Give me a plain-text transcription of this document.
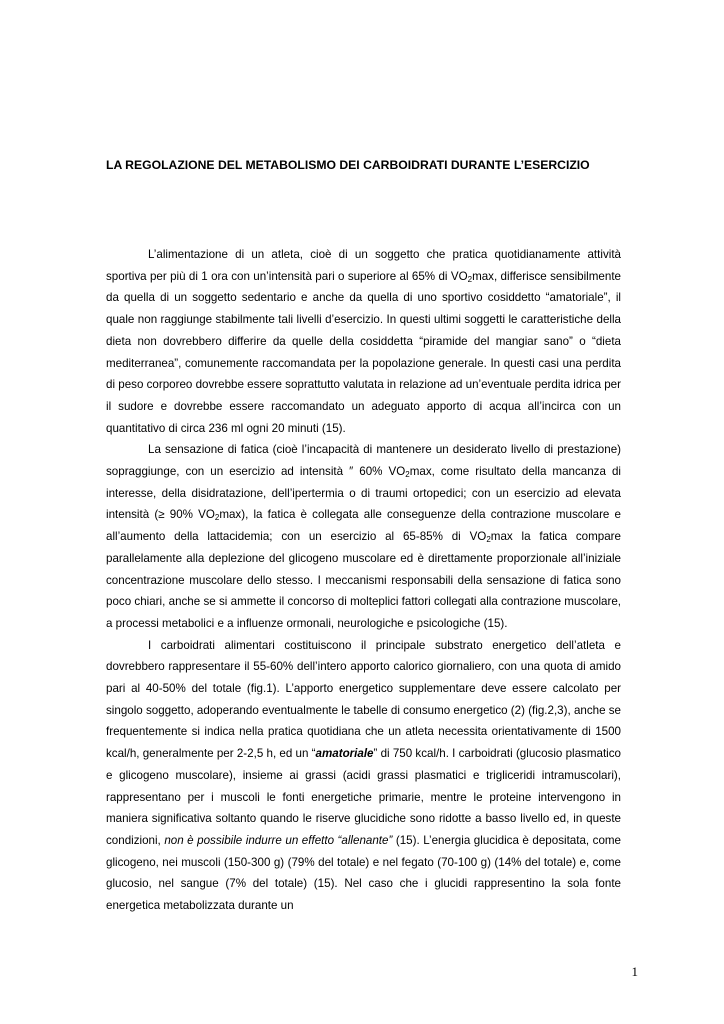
LA REGOLAZIONE DEL METABOLISMO DEI CARBOIDRATI DURANTE L’ESERCIZIO

L’alimentazione di un atleta, cioè di un soggetto che pratica quotidianamente attività sportiva per più di 1 ora con un’intensità pari o superiore al 65% di $VO_2\max$, differisce sensibilmente da quella di un soggetto sedentario e anche da quella di uno sportivo cosiddetto “amatoriale”, il quale non raggiunge stabilmente tali livelli d’esercizio. In questi ultimi soggetti le caratteristiche della dieta non dovrebbero differire da quelle della cosiddetta “piramide del mangiar sano” o “dieta mediterranea”, comunemente raccomandata per la popolazione generale. In questi casi una perdita di peso corporeo dovrebbe essere soprattutto valutata in relazione ad un’eventuale perdita idrica per il sudore e dovrebbe essere raccomandato un adeguato apporto di acqua all’incirca con un quantitativo di circa 236 ml ogni 20 minuti (15).

La sensazione di fatica (cioè l’incapacità di mantenere un desiderato livello di prestazione) sopraggiunge, con un esercizio ad intensità ″ 60% $VO_2\max$, come risultato della mancanza di interesse, della disidratazione, dell’ipertermia o di traumi ortopedici; con un esercizio ad elevata intensità (≥ 90% $VO_2\max$), la fatica è collegata alle conseguenze della contrazione muscolare e all’aumento della lattacidemia; con un esercizio al 65-85% di $VO_2\max$ la fatica compare parallelamente alla deplezione del glicogeno muscolare ed è direttamente proporzionale all’iniziale concentrazione muscolare dello stesso. I meccanismi responsabili della sensazione di fatica sono poco chiari, anche se si ammette il concorso di molteplici fattori collegati alla contrazione muscolare, a processi metabolici e a influenze ormonali, neurologiche e psicologiche (15).

I carboidrati alimentari costituiscono il principale substrato energetico dell’atleta e dovrebbero rappresentare il 55-60% dell’intero apporto calorico giornaliero, con una quota di amido pari al 40-50% del totale (fig.1). L’apporto energetico supplementare deve essere calcolato per singolo soggetto, adoperando eventualmente le tabelle di consumo energetico (2) (fig.2,3), anche se frequentemente si indica nella pratica quotidiana che un atleta necessita orientativamente di 1500 kcal/h, generalmente per 2-2,5 h, ed un “amatoriale” di 750 kcal/h. I carboidrati (glucosio plasmatico e glicogeno muscolare), insieme ai grassi (acidi grassi plasmatici e trigliceridi intramuscolari), rappresentano per i muscoli le fonti energetiche primarie, mentre le proteine intervengono in maniera significativa soltanto quando le riserve glucidiche sono ridotte a basso livello ed, in queste condizioni, non è possibile indurre un effetto “allenante” (15). L’energia glucidica è depositata, come glicogeno, nei muscoli (150-300 g) (79% del totale) e nel fegato (70-100 g) (14% del totale) e, come glucosio, nel sangue (7% del totale) (15). Nel caso che i glucidi rappresentino la sola fonte energetica metabolizzata durante un

1
